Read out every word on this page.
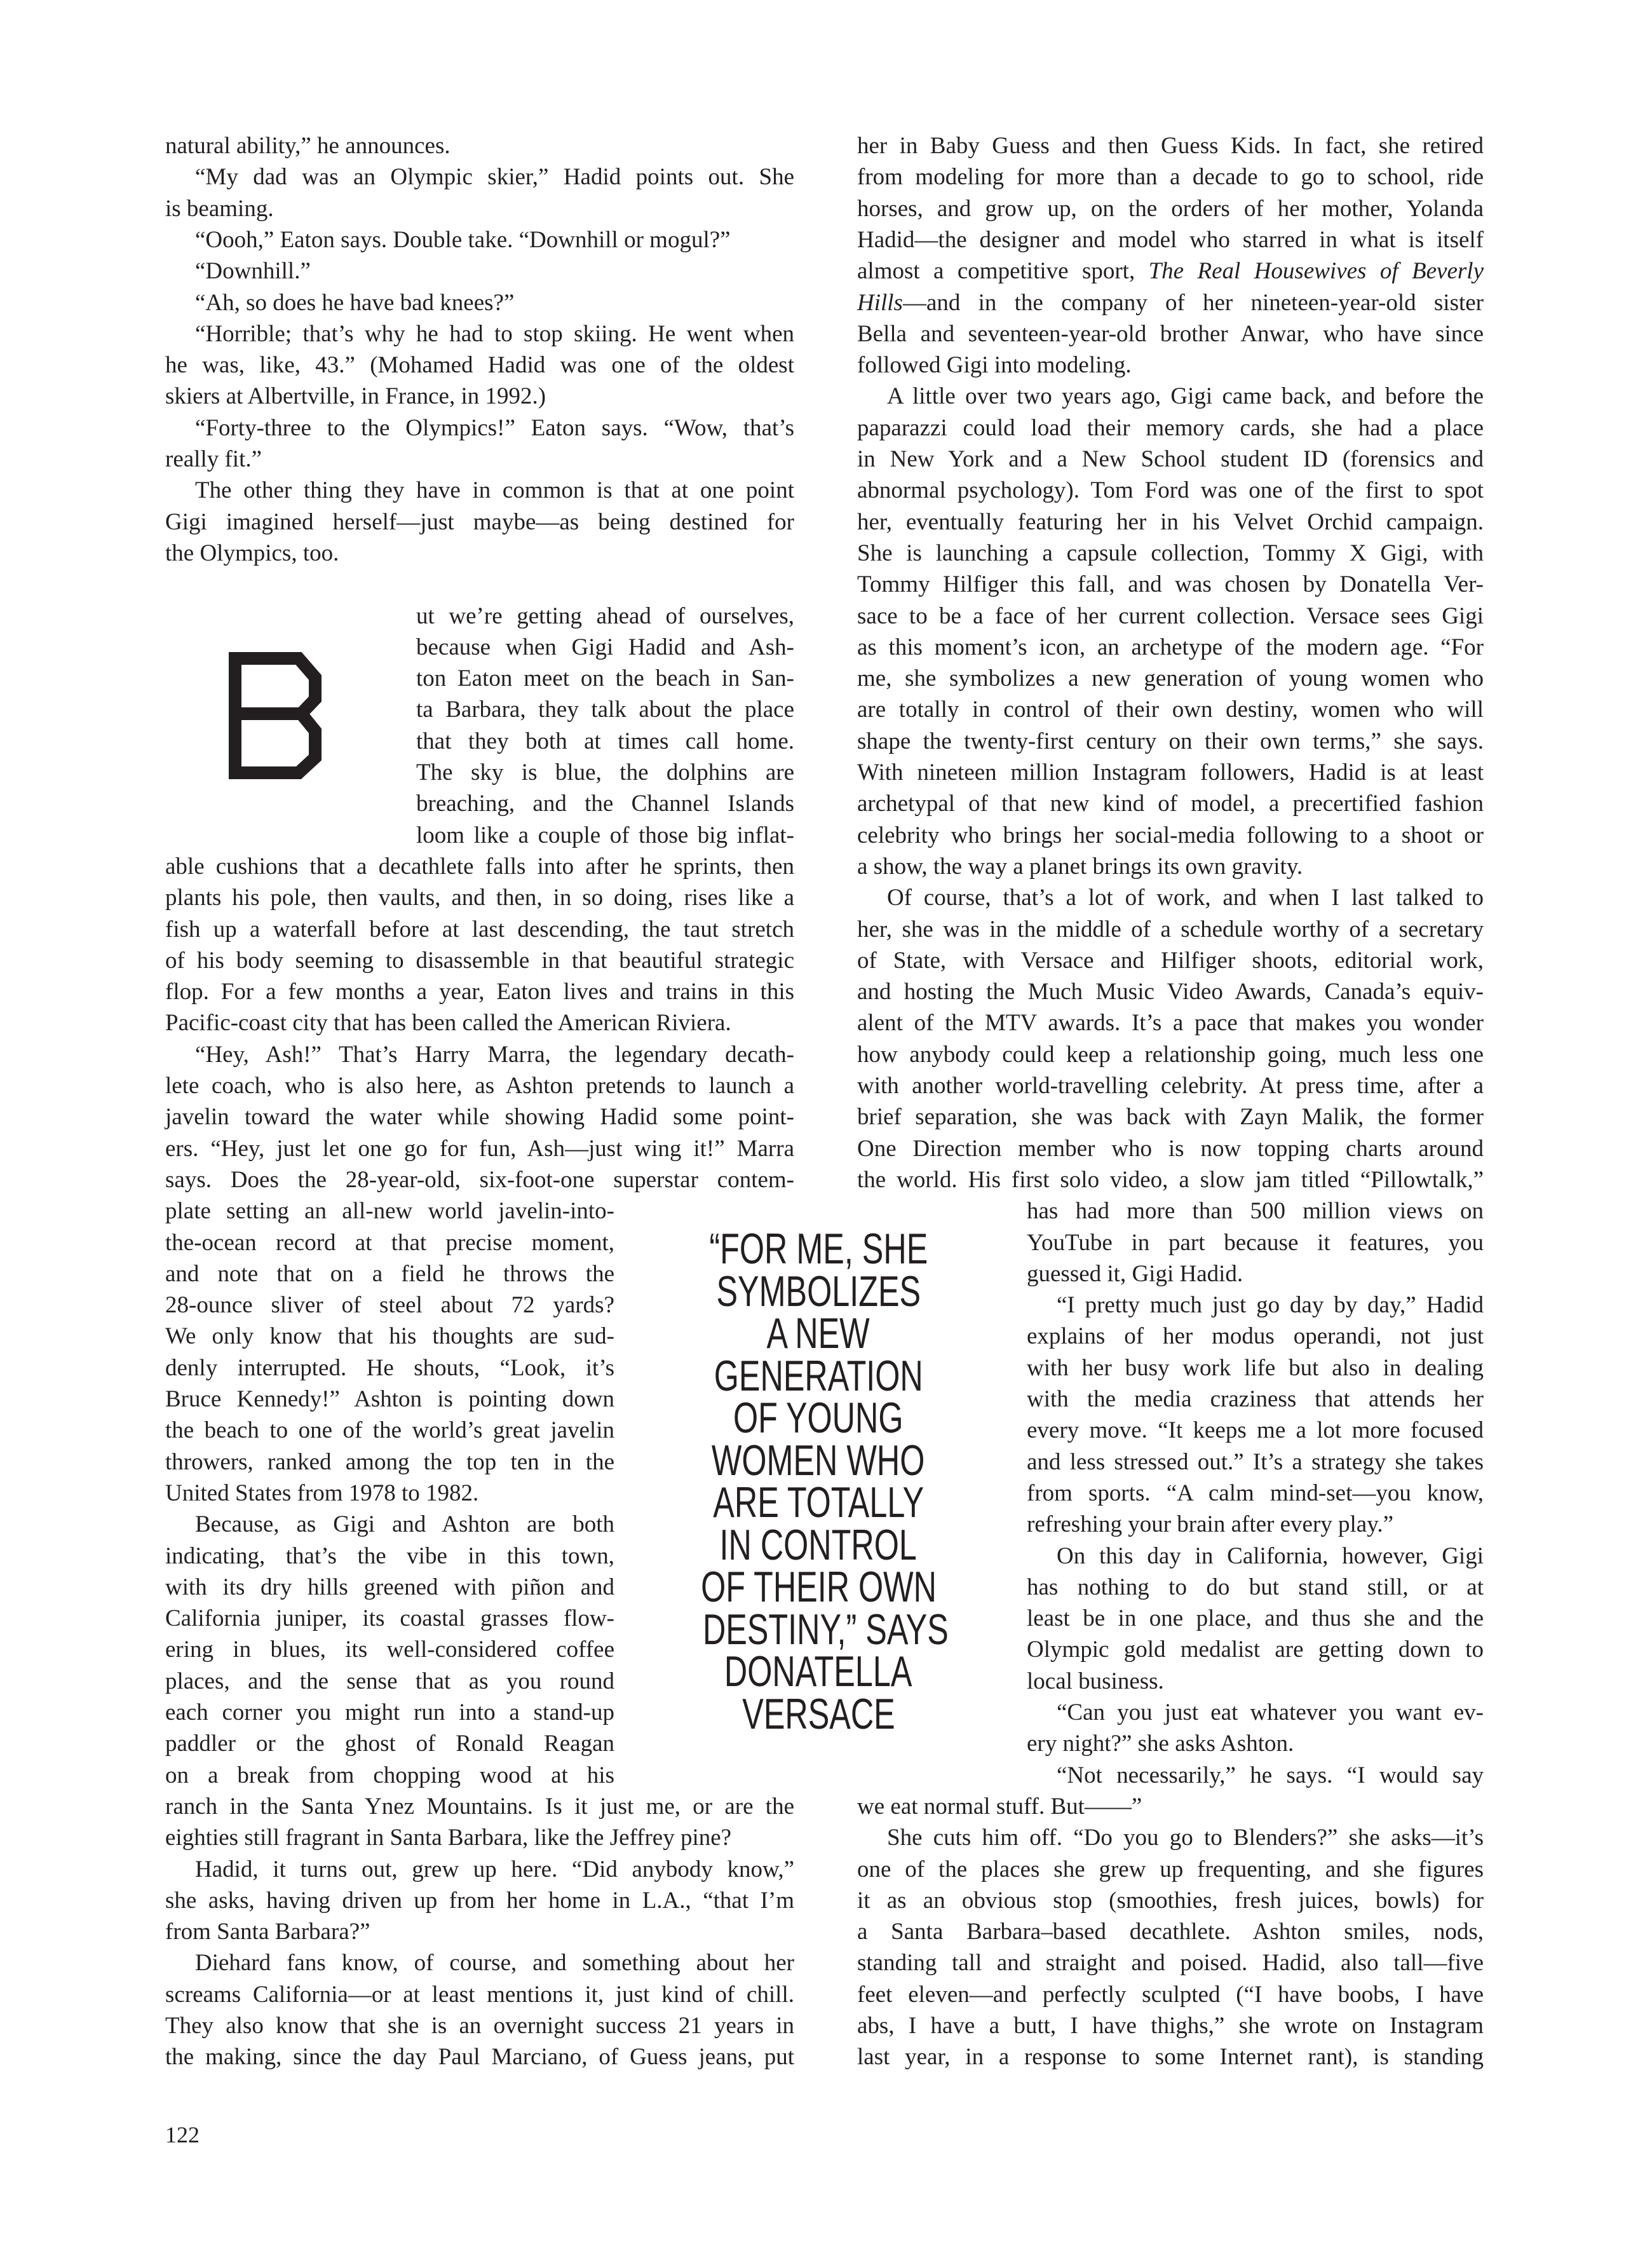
natural ability,” he announces.
“My dad was an Olympic skier,” Hadid points out. She
is beaming.
“Oooh,” Eaton says. Double take. “Downhill or mogul?”
“Downhill.”
“Ah, so does he have bad knees?”
“Horrible; that’s why he had to stop skiing. He went when
he was, like, 43.” (Mohamed Hadid was one of the oldest
skiers at Albertville, in France, in 1992.)
“Forty-three to the Olympics!” Eaton says. “Wow, that’s
really fit.”
The other thing they have in common is that at one point
Gigi imagined herself—just maybe—as being destined for
the Olympics, too.
ut we’re getting ahead of ourselves,
because when Gigi Hadid and Ash-
ton Eaton meet on the beach in San-
ta Barbara, they talk about the place
that they both at times call home.
The sky is blue, the dolphins are
breaching, and the Channel Islands
loom like a couple of those big inflat-
able cushions that a decathlete falls into after he sprints, then
plants his pole, then vaults, and then, in so doing, rises like a
fish up a waterfall before at last descending, the taut stretch
of his body seeming to disassemble in that beautiful strategic
flop. For a few months a year, Eaton lives and trains in this
Pacific-coast city that has been called the American Riviera.
“Hey, Ash!” That’s Harry Marra, the legendary decath-
lete coach, who is also here, as Ashton pretends to launch a
javelin toward the water while showing Hadid some point-
ers. “Hey, just let one go for fun, Ash—just wing it!” Marra
says. Does the 28-year-old, six-foot-one superstar contem-
plate setting an all-new world javelin-into-
the-ocean record at that precise moment,
and note that on a field he throws the
28-ounce sliver of steel about 72 yards?
We only know that his thoughts are sud-
denly interrupted. He shouts, “Look, it’s
Bruce Kennedy!” Ashton is pointing down
the beach to one of the world’s great javelin
throwers, ranked among the top ten in the
United States from 1978 to 1982.
Because, as Gigi and Ashton are both
indicating, that’s the vibe in this town,
with its dry hills greened with piñon and
California juniper, its coastal grasses flow-
ering in blues, its well-considered coffee
places, and the sense that as you round
each corner you might run into a stand-up
paddler or the ghost of Ronald Reagan
on a break from chopping wood at his
ranch in the Santa Ynez Mountains. Is it just me, or are the
eighties still fragrant in Santa Barbara, like the Jeffrey pine?
Hadid, it turns out, grew up here. “Did anybody know,”
she asks, having driven up from her home in L.A., “that I’m
from Santa Barbara?”
Diehard fans know, of course, and something about her
screams California—or at least mentions it, just kind of chill.
They also know that she is an overnight success 21 years in
the making, since the day Paul Marciano, of Guess jeans, put
her in Baby Guess and then Guess Kids. In fact, she retired
from modeling for more than a decade to go to school, ride
horses, and grow up, on the orders of her mother, Yolanda
Hadid—the designer and model who starred in what is itself
almost a competitive sport, The Real Housewives of Beverly
Hills—and in the company of her nineteen-year-old sister
Bella and seventeen-year-old brother Anwar, who have since
followed Gigi into modeling.
A little over two years ago, Gigi came back, and before the
paparazzi could load their memory cards, she had a place
in New York and a New School student ID (forensics and
abnormal psychology). Tom Ford was one of the first to spot
her, eventually featuring her in his Velvet Orchid campaign.
She is launching a capsule collection, Tommy X Gigi, with
Tommy Hilfiger this fall, and was chosen by Donatella Ver-
sace to be a face of her current collection. Versace sees Gigi
as this moment’s icon, an archetype of the modern age. “For
me, she symbolizes a new generation of young women who
are totally in control of their own destiny, women who will
shape the twenty-first century on their own terms,” she says.
With nineteen million Instagram followers, Hadid is at least
archetypal of that new kind of model, a precertified fashion
celebrity who brings her social-media following to a shoot or
a show, the way a planet brings its own gravity.
Of course, that’s a lot of work, and when I last talked to
her, she was in the middle of a schedule worthy of a secretary
of State, with Versace and Hilfiger shoots, editorial work,
and hosting the Much Music Video Awards, Canada’s equiv-
alent of the MTV awards. It’s a pace that makes you wonder
how anybody could keep a relationship going, much less one
with another world-travelling celebrity. At press time, after a
brief separation, she was back with Zayn Malik, the former
One Direction member who is now topping charts around
the world. His first solo video, a slow jam titled “Pillowtalk,”
has had more than 500 million views on
YouTube in part because it features, you
guessed it, Gigi Hadid.
“I pretty much just go day by day,” Hadid
explains of her modus operandi, not just
with her busy work life but also in dealing
with the media craziness that attends her
every move. “It keeps me a lot more focused
and less stressed out.” It’s a strategy she takes
from sports. “A calm mind-set—you know,
refreshing your brain after every play.”
On this day in California, however, Gigi
has nothing to do but stand still, or at
least be in one place, and thus she and the
Olympic gold medalist are getting down to
local business.
“Can you just eat whatever you want ev-
ery night?” she asks Ashton.
“Not necessarily,” he says. “I would say
we eat normal stuff. But——”
She cuts him off. “Do you go to Blenders?” she asks—it’s
one of the places she grew up frequenting, and she figures
it as an obvious stop (smoothies, fresh juices, bowls) for
a Santa Barbara–based decathlete. Ashton smiles, nods,
standing tall and straight and poised. Hadid, also tall—five
feet eleven—and perfectly sculpted (“I have boobs, I have
abs, I have a butt, I have thighs,” she wrote on Instagram
last year, in a response to some Internet rant), is standing
“FOR ME, SHE
SYMBOLIZES
A NEW
GENERATION
OF YOUNG
WOMEN WHO
ARE TOTALLY
IN CONTROL
OF THEIR OWN
DESTINY,” SAYS
DONATELLA
VERSACE
122
